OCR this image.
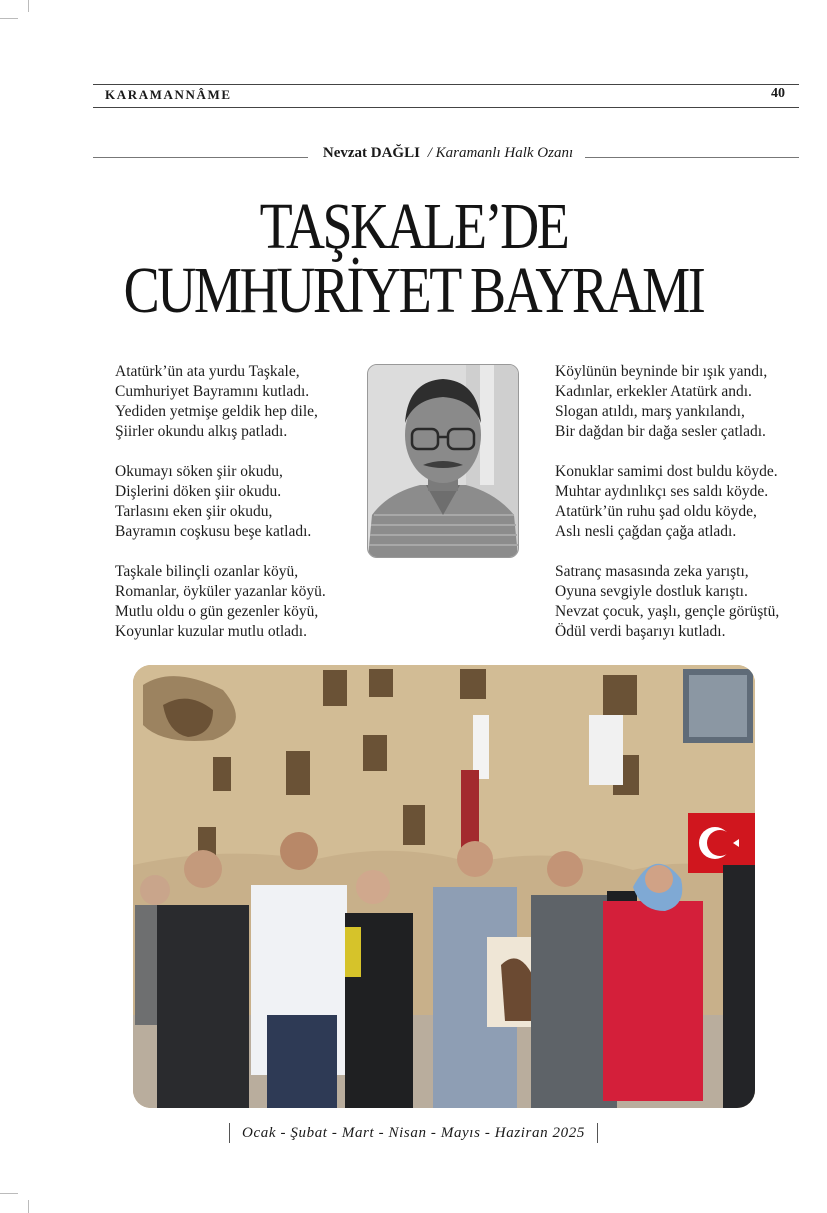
KARAMANNÂME	40
Nevzat DAĞLI / Karamanlı Halk Ozanı
TAŞKALE’DE
CUMHURİYET BAYRAMI
Atatürk’ün ata yurdu Taşkale,
Cumhuriyet Bayramını kutladı.
Yediden yetmişe geldik hep dile,
Şiirler okundu alkış patladı.
Okumayı söken şiir okudu,
Dişlerini döken şiir okudu.
Tarlasını eken şiir okudu,
Bayramın coşkusu beşe katladı.
Taşkale bilinçli ozanlar köyü,
Romanlar, öyküler yazanlar köyü.
Mutlu oldu o gün gezenler köyü,
Koyunlar kuzular mutlu otladı.
Köylünün beyninde bir ışık yandı,
Kadınlar, erkekler Atatürk andı.
Slogan atıldı, marş yankılandı,
Bir dağdan bir dağa sesler çatladı.
Konuklar samimi dost buldu köyde.
Muhtar aydınlıkçı ses saldı köyde.
Atatürk’ün ruhu şad oldu köyde,
Aslı nesli çağdan çağa atladı.
Satranç masasında zeka yarıştı,
Oyuna sevgiyle dostluk karıştı.
Nevzat çocuk, yaşlı, gençle görüştü,
Ödül verdi başarıyı kutladı.
Ocak - Şubat - Mart - Nisan - Mayıs - Haziran 2025
